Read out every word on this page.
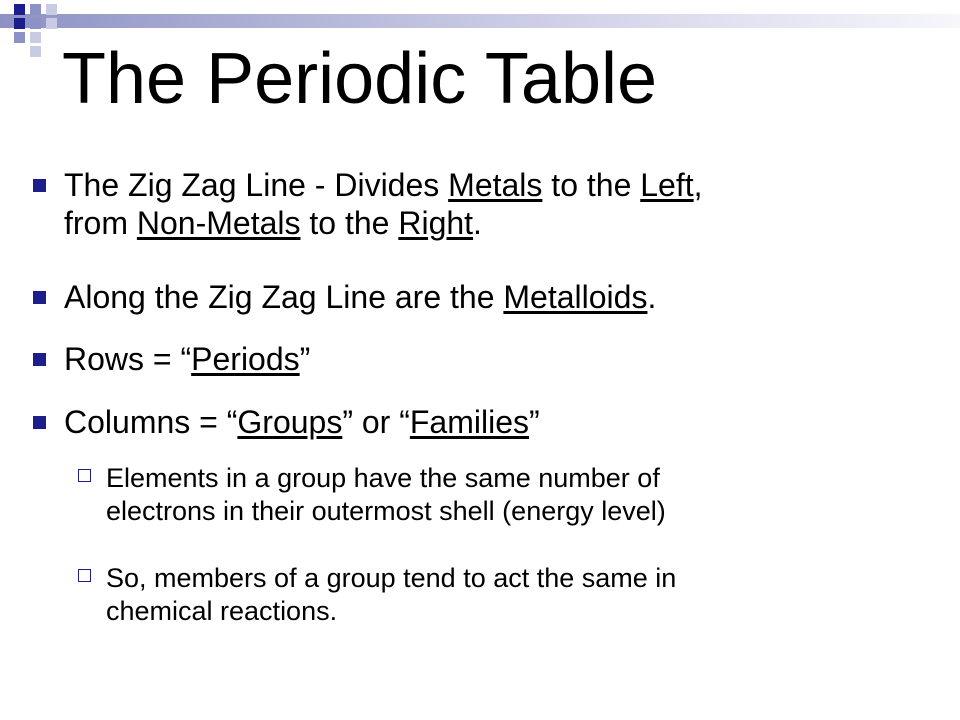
The Periodic Table
The Zig Zag Line - Divides Metals to the Left,
from Non-Metals to the Right.
Along the Zig Zag Line are the Metalloids.
Rows = “Periods”
Columns = “Groups” or “Families”
Elements in a group have the same number of
electrons in their outermost shell (energy level)
So, members of a group tend to act the same in
chemical reactions.
